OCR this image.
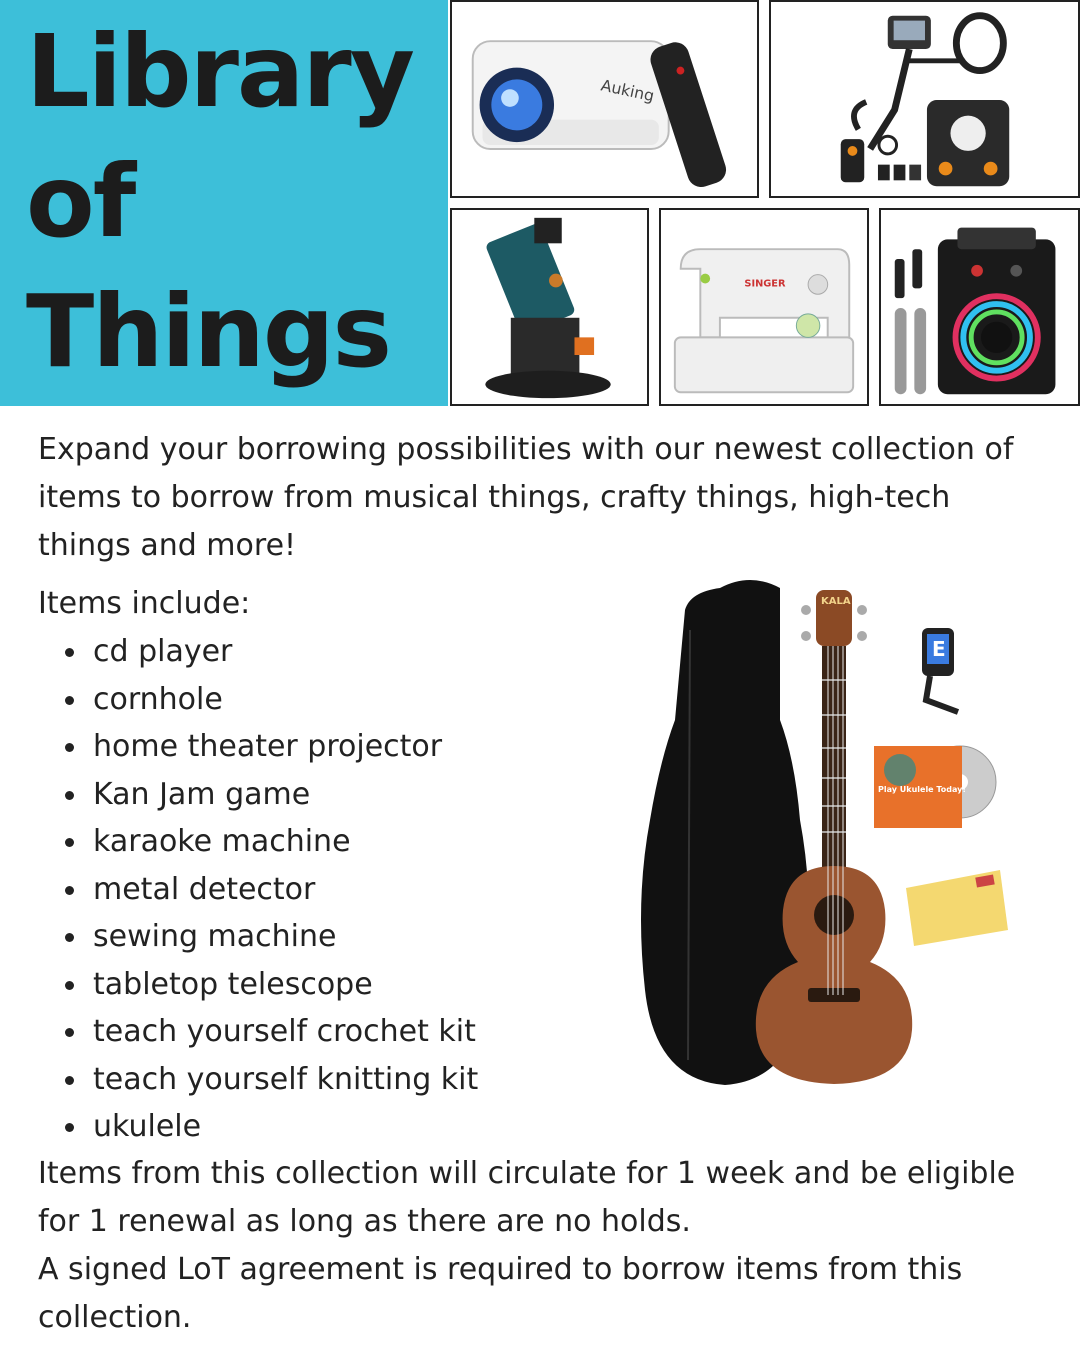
Library
of
Things
Auking
SINGER

Expand your borrowing possibilities with our newest collection of items to borrow from musical things, crafty things, high-tech things and more!

Items include:

cd player
cornhole
home theater projector
Kan Jam game
karaoke machine
metal detector
sewing machine
tabletop telescope
teach yourself crochet kit
teach yourself knitting kit
ukulele
KALA
E
Play Ukulele Today!

Items from this collection will circulate for 1 week and be eligible for 1 renewal as long as there are no holds.

A signed LoT agreement is required to borrow items from this collection.
